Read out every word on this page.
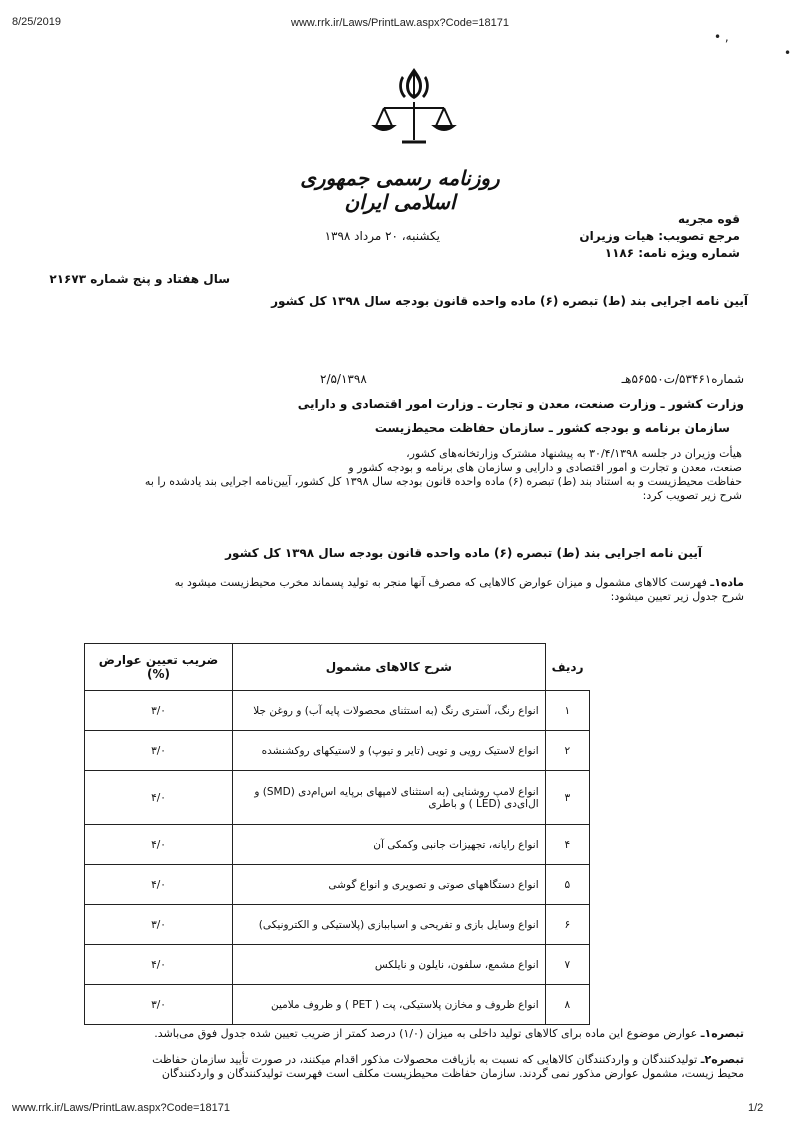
8/25/2019	www.rrk.ir/Laws/PrintLaw.aspx?Code=18171
• ,
•
روزنامه رسمی جمهوری اسلامی ایران
قوه مجریه
مرجع تصویب: هیات وزیران
شماره ویژه نامه: ۱۱۸۶
یکشنبه، ۲۰ مرداد ۱۳۹۸
سال هفتاد و پنج شماره ۲۱۶۷۳
آیین نامه اجرایی بند (ط) تبصره (۶) ماده واحده قانون بودجه سال ۱۳۹۸ کل کشور
شماره۵۳۴۶۱/ت۵۶۵۵۰هـ
۲/۵/۱۳۹۸
وزارت کشور ـ وزارت صنعت، معدن و تجارت ـ وزارت امور اقتصادی و دارایی
سازمان برنامه و بودجه کشور ـ سازمان حفاظت محیط‌زیست
هیأت وزیران در جلسه ۳۰/۴/۱۳۹۸ به پیشنهاد مشترک وزارتخانه‌های کشور،
صنعت، معدن و تجارت و امور اقتصادی و دارایی و سازمان های برنامه و بودجه کشور و
حفاظت محیط‌زیست و به استناد بند (ط) تبصره (۶) ماده واحده قانون بودجه سال ۱۳۹۸ کل کشور، آیین‌نامه اجرایی بند یادشده را به
شرح زیر تصویب کرد:
آیین نامه اجرایی بند (ط) تبصره (۶) ماده واحده قانون بودجه سال ۱۳۹۸ کل کشور
ماده۱ـ فهرست کالاهای مشمول و میزان عوارض کالاهایی که مصرف آنها منجر به تولید پسماند مخرب محیط‌زیست میشود به
شرح جدول زیر تعیین میشود:
ردیف	شرح کالاهای مشمول	ضریب تعیین عوارض (%)
۱	انواع رنگ، آستری رنگ (به استثنای محصولات پایه آب) و روغن جلا	۳/۰
۲	انواع لاستیک رویی و تویی (تایر و تیوپ) و لاستیکهای روکشنشده	۳/۰
۳	انواع لامپ روشنایی (به استثنای لامپهای برپایه اس‌ام‌دی (SMD) و ال‌ای‌دی (LED ) و باطری	۴/۰
۴	انواع رایانه، تجهیزات جانبی وکمکی آن	۴/۰
۵	انواع دستگاههای صوتی و تصویری و انواع گوشی	۴/۰
۶	انواع وسایل بازی و تفریحی و اسباببازی (پلاستیکی و الکترونیکی)	۳/۰
۷	انواع مشمع، سلفون، نایلون و نایلکس	۴/۰
۸	انواع ظروف و مخازن پلاستیکی، پت ( PET ) و ظروف ملامین	۳/۰
تبصره۱ـ عوارض موضوع این ماده برای کالاهای تولید داخلی به میزان (۱/۰) درصد کمتر از ضریب تعیین شده جدول فوق می‌باشد.
تبصره۲ـ تولیدکنندگان و واردکنندگان کالاهایی که نسبت به بازیافت محصولات مذکور اقدام میکنند، در صورت تأیید سازمان حفاظت
محیط زیست، مشمول عوارض مذکور نمی گردند. سازمان حفاظت محیطزیست مکلف است فهرست تولیدکنندگان و واردکنندگان
www.rrk.ir/Laws/PrintLaw.aspx?Code=18171	1/2
